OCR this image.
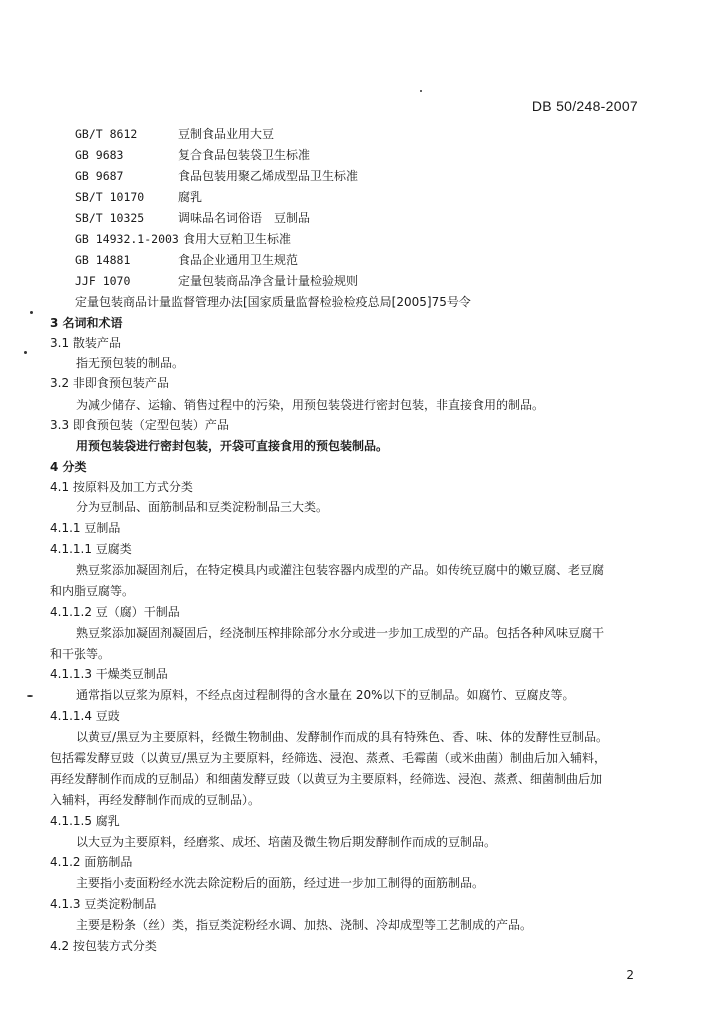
DB 50/248-2007
GB/T 8612	豆制食品业用大豆
GB 9683	复合食品包装袋卫生标准
GB 9687	食品包装用聚乙烯成型品卫生标准
SB/T 10170	腐乳
SB/T 10325	调味品名词俗语　豆制品
GB 14932.1-2003 食用大豆粕卫生标准
GB 14881	食品企业通用卫生规范
JJF 1070	定量包装商品净含量计量检验规则
定量包装商品计量监督管理办法[国家质量监督检验检疫总局[2005]75号令
3 名词和术语
3.1 散装产品
指无预包装的制品。
3.2 非即食预包装产品
为减少储存、运输、销售过程中的污染，用预包装袋进行密封包装，非直接食用的制品。
3.3 即食预包装（定型包装）产品
用预包装袋进行密封包装，开袋可直接食用的预包装制品。
4 分类
4.1 按原料及加工方式分类
分为豆制品、面筋制品和豆类淀粉制品三大类。
4.1.1 豆制品
4.1.1.1 豆腐类
熟豆浆添加凝固剂后，在特定模具内或灌注包装容器内成型的产品。如传统豆腐中的嫩豆腐、老豆腐
和内脂豆腐等。
4.1.1.2 豆（腐）干制品
熟豆浆添加凝固剂凝固后，经浇制压榨排除部分水分或进一步加工成型的产品。包括各种风味豆腐干
和干张等。
4.1.1.3 干燥类豆制品
通常指以豆浆为原料，不经点卤过程制得的含水量在 20%以下的豆制品。如腐竹、豆腐皮等。
4.1.1.4 豆豉
以黄豆/黑豆为主要原料，经微生物制曲、发酵制作而成的具有特殊色、香、味、体的发酵性豆制品。
包括霉发酵豆豉（以黄豆/黑豆为主要原料，经筛选、浸泡、蒸煮、毛霉菌（或米曲菌）制曲后加入辅料，
再经发酵制作而成的豆制品）和细菌发酵豆豉（以黄豆为主要原料，经筛选、浸泡、蒸煮、细菌制曲后加
入辅料，再经发酵制作而成的豆制品）。
4.1.1.5 腐乳
以大豆为主要原料，经磨浆、成坯、培菌及微生物后期发酵制作而成的豆制品。
4.1.2 面筋制品
主要指小麦面粉经水洗去除淀粉后的面筋，经过进一步加工制得的面筋制品。
4.1.3 豆类淀粉制品
主要是粉条（丝）类，指豆类淀粉经水调、加热、浇制、冷却成型等工艺制成的产品。
4.2 按包装方式分类
2
